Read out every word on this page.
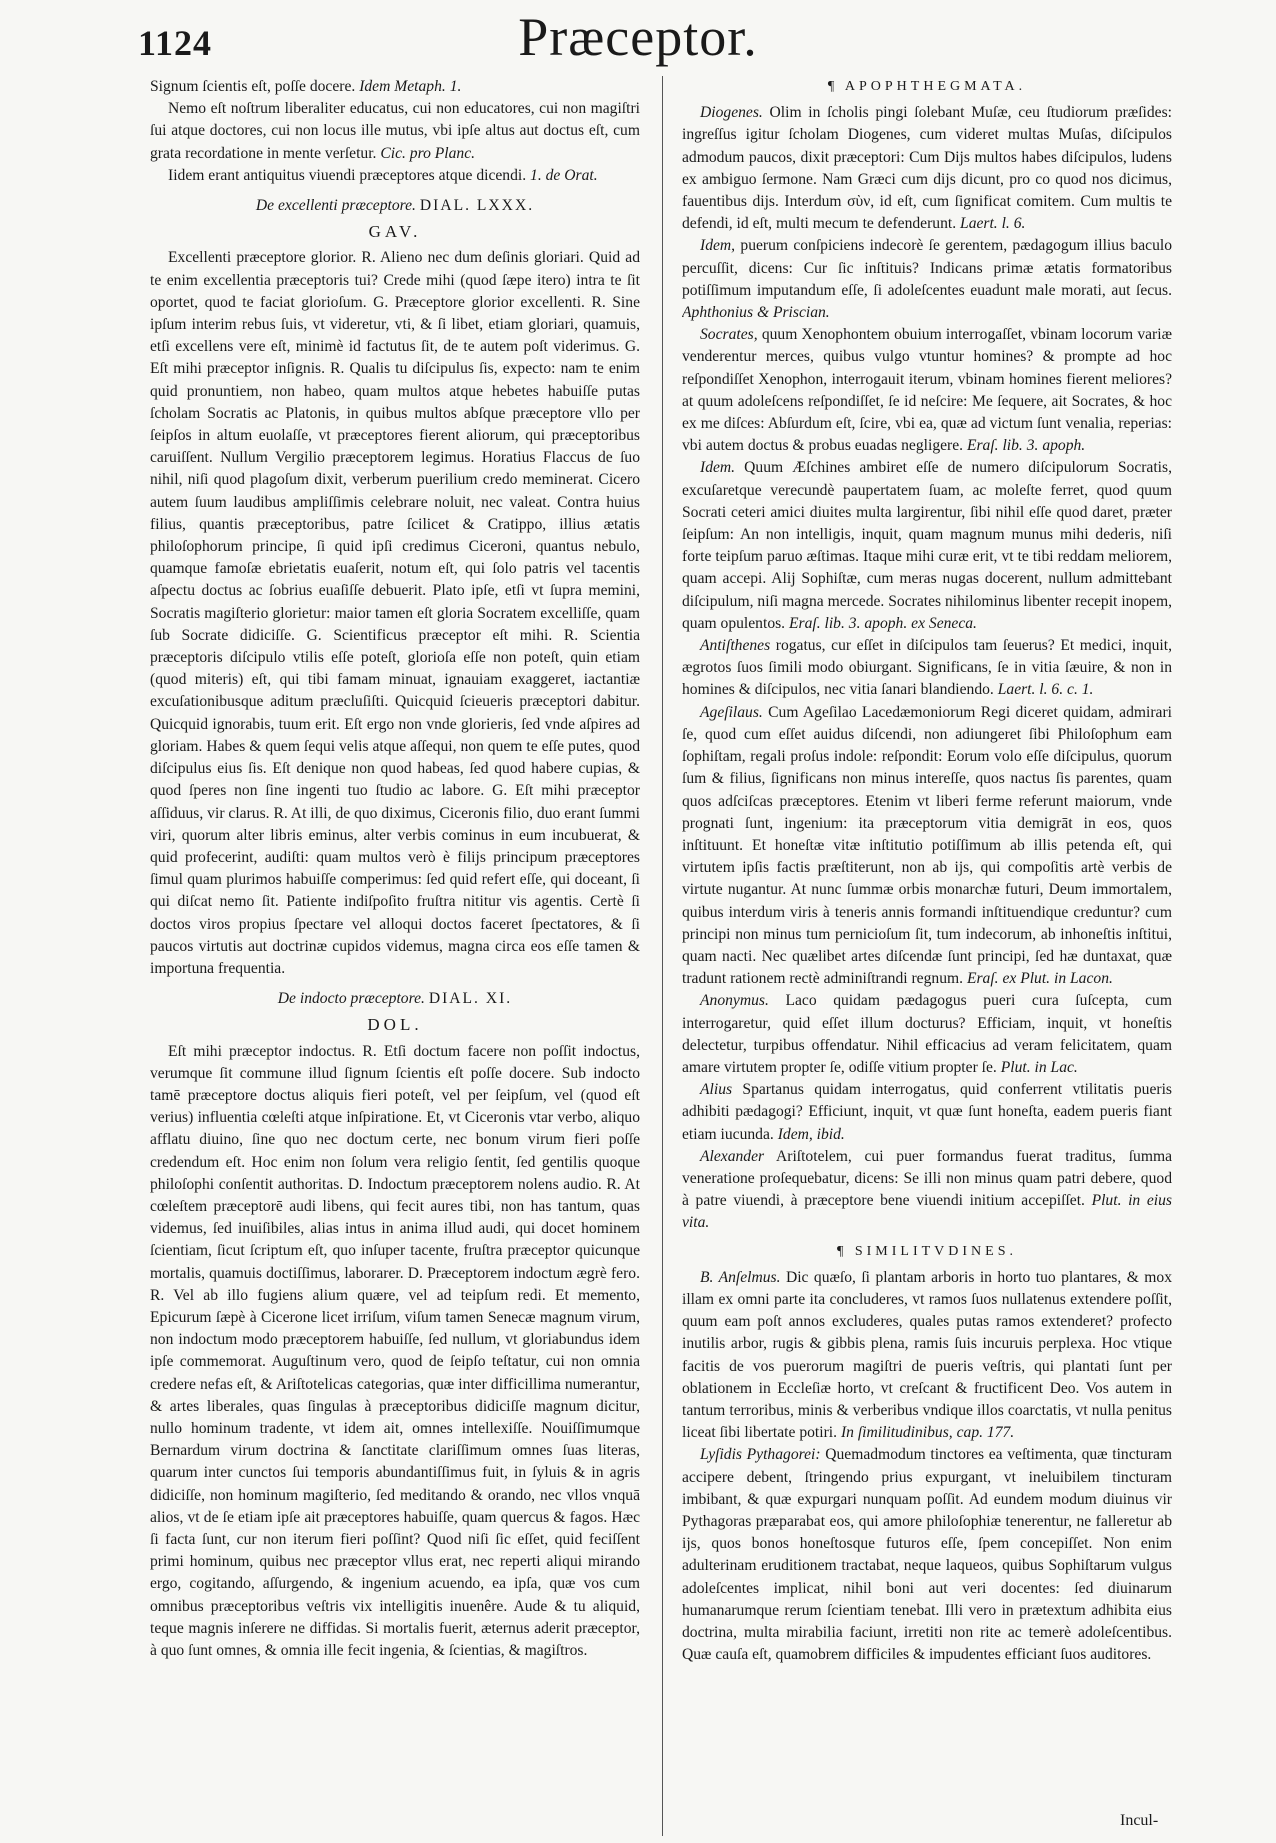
1124	Præceptor.

Signum ſcientis eſt, poſſe docere. Idem Metaph. 1.

Nemo eſt noſtrum liberaliter educatus, cui non educatores, cui non magiſtri ſui atque doctores, cui non locus ille mutus, vbi ipſe altus aut doctus eſt, cum grata recordatione in mente verſetur. Cic. pro Planc.

Iidem erant antiquitus viuendi præceptores atque dicendi. 1. de Orat.

De excellenti præceptore. DIAL. LXXX.
GAV.

Excellenti præceptore glorior. R. Alieno nec dum deſinis gloriari. Quid ad te enim excellentia præceptoris tui? Crede mihi (quod ſæpe itero) intra te ſit oportet, quod te faciat glorioſum. G. Præceptore glorior excellenti. R. Sine ipſum interim rebus ſuis, vt videretur, vti, & ſi libet, etiam gloriari, quamuis, etſi excellens vere eſt, minimè id factutus ſit, de te autem poſt viderimus. G. Eſt mihi præceptor inſignis. R. Qualis tu diſcipulus ſis, expecto: nam te enim quid pronuntiem, non habeo, quam multos atque hebetes habuiſſe putas ſcholam Socratis ac Platonis, in quibus multos abſque præceptore vllo per ſeipſos in altum euolaſſe, vt præceptores fierent aliorum, qui præceptoribus caruiſſent. Nullum Vergilio præceptorem legimus. Horatius Flaccus de ſuo nihil, niſi quod plagoſum dixit, verberum puerilium credo meminerat. Cicero autem ſuum laudibus ampliſſimis celebrare noluit, nec valeat. Contra huius filius, quantis præceptoribus, patre ſcilicet & Cratippo, illius ætatis philoſophorum principe, ſi quid ipſi credimus Ciceroni, quantus nebulo, quamque famoſæ ebrietatis euaſerit, notum eſt, qui ſolo patris vel tacentis aſpectu doctus ac ſobrius euaſiſſe debuerit. Plato ipſe, etſi vt ſupra memini, Socratis magiſterio glorietur: maior tamen eſt gloria Socratem excelliſſe, quam ſub Socrate didiciſſe. G. Scientificus præceptor eſt mihi. R. Scientia præceptoris diſcipulo vtilis eſſe poteſt, glorioſa eſſe non poteſt, quin etiam (quod miteris) eſt, qui tibi famam minuat, ignauiam exaggeret, iactantiæ excuſationibusque aditum præcluſiſti. Quicquid ſcieueris præceptori dabitur. Quicquid ignorabis, tuum erit. Eſt ergo non vnde glorieris, ſed vnde aſpires ad gloriam. Habes & quem ſequi velis atque aſſequi, non quem te eſſe putes, quod diſcipulus eius ſis. Eſt denique non quod habeas, ſed quod habere cupias, & quod ſperes non ſine ingenti tuo ſtudio ac labore. G. Eſt mihi præceptor aſſiduus, vir clarus. R. At illi, de quo diximus, Ciceronis filio, duo erant ſummi viri, quorum alter libris eminus, alter verbis cominus in eum incubuerat, & quid profecerint, audiſti: quam multos verò è filijs principum præceptores ſimul quam plurimos habuiſſe comperimus: ſed quid refert eſſe, qui doceant, ſi qui diſcat nemo ſit. Patiente indiſpoſito fruſtra nititur vis agentis. Certè ſi doctos viros propius ſpectare vel alloqui doctos faceret ſpectatores, & ſi paucos virtutis aut doctrinæ cupidos videmus, magna circa eos eſſe tamen & importuna frequentia.

De indocto præceptore. DIAL. XI.
DOL.

Eſt mihi præceptor indoctus. R. Etſi doctum facere non poſſit indoctus, verumque ſit commune illud ſignum ſcientis eſt poſſe docere. Sub indocto tamē præceptore doctus aliquis fieri poteſt, vel per ſeipſum, vel (quod eſt verius) influentia cœleſti atque inſpiratione. Et, vt Ciceronis vtar verbo, aliquo afflatu diuino, ſine quo nec doctum certe, nec bonum virum fieri poſſe credendum eſt. Hoc enim non ſolum vera religio ſentit, ſed gentilis quoque philoſophi conſentit authoritas. D. Indoctum præceptorem nolens audio. R. At cœleſtem præceptorē audi libens, qui fecit aures tibi, non has tantum, quas videmus, ſed inuiſibiles, alias intus in anima illud audi, qui docet hominem ſcientiam, ſicut ſcriptum eſt, quo inſuper tacente, fruſtra præceptor quicunque mortalis, quamuis doctiſſimus, laborarer. D. Præceptorem indoctum ægrè fero. R. Vel ab illo fugiens alium quære, vel ad teipſum redi. Et memento, Epicurum ſæpè à Cicerone licet irriſum, viſum tamen Senecæ magnum virum, non indoctum modo præceptorem habuiſſe, ſed nullum, vt gloriabundus idem ipſe commemorat. Auguſtinum vero, quod de ſeipſo teſtatur, cui non omnia credere nefas eſt, & Ariſtotelicas categorias, quæ inter difficillima numerantur, & artes liberales, quas ſingulas à præceptoribus didiciſſe magnum dicitur, nullo hominum tradente, vt idem ait, omnes intellexiſſe. Nouiſſimumque Bernardum virum doctrina & ſanctitate clariſſimum omnes ſuas literas, quarum inter cunctos ſui temporis abundantiſſimus fuit, in ſyluis & in agris didiciſſe, non hominum magiſterio, ſed meditando & orando, nec vllos vnquā alios, vt de ſe etiam ipſe ait præceptores habuiſſe, quam quercus & fagos. Hæc ſi facta ſunt, cur non iterum fieri poſſint? Quod niſi ſic eſſet, quid feciſſent primi hominum, quibus nec præceptor vllus erat, nec reperti aliqui mirando ergo, cogitando, aſſurgendo, & ingenium acuendo, ea ipſa, quæ vos cum omnibus præceptoribus veſtris vix intelligitis inuenêre. Aude & tu aliquid, teque magnis inſerere ne diffidas. Si mortalis fuerit, æternus aderit præceptor, à quo ſunt omnes, & omnia ille fecit ingenia, & ſcientias, & magiſtros.

¶ APOPHTHEGMATA.

Diogenes. Olim in ſcholis pingi ſolebant Muſæ, ceu ſtudiorum præſides: ingreſſus igitur ſcholam Diogenes, cum videret multas Muſas, diſcipulos admodum paucos, dixit præceptori: Cum Dijs multos habes diſcipulos, ludens ex ambiguo ſermone. Nam Græci cum dijs dicunt, pro co quod nos dicimus, fauentibus dijs. Interdum σὺν, id eſt, cum ſignificat comitem. Cum multis te defendi, id eſt, multi mecum te defenderunt. Laert. l. 6.

Idem, puerum conſpiciens indecorè ſe gerentem, pædagogum illius baculo percuſſit, dicens: Cur ſic inſtituis? Indicans primæ ætatis formatoribus potiſſimum imputandum eſſe, ſi adoleſcentes euadunt male morati, aut ſecus. Aphthonius & Priscian.

Socrates, quum Xenophontem obuium interrogaſſet, vbinam locorum variæ venderentur merces, quibus vulgo vtuntur homines? & prompte ad hoc reſpondiſſet Xenophon, interrogauit iterum, vbinam homines fierent meliores? at quum adoleſcens reſpondiſſet, ſe id neſcire: Me ſequere, ait Socrates, & hoc ex me diſces: Abſurdum eſt, ſcire, vbi ea, quæ ad victum ſunt venalia, reperias: vbi autem doctus & probus euadas negligere. Eraſ. lib. 3. apoph.

Idem. Quum Æſchines ambiret eſſe de numero diſcipulorum Socratis, excuſaretque verecundè paupertatem ſuam, ac moleſte ferret, quod quum Socrati ceteri amici diuites multa largirentur, ſibi nihil eſſe quod daret, præter ſeipſum: An non intelligis, inquit, quam magnum munus mihi dederis, niſi forte teipſum paruo æſtimas. Itaque mihi curæ erit, vt te tibi reddam meliorem, quam accepi. Alij Sophiſtæ, cum meras nugas docerent, nullum admittebant diſcipulum, niſi magna mercede. Socrates nihilominus libenter recepit inopem, quam opulentos. Eraſ. lib. 3. apoph. ex Seneca.

Antiſthenes rogatus, cur eſſet in diſcipulos tam ſeuerus? Et medici, inquit, ægrotos ſuos ſimili modo obiurgant. Significans, ſe in vitia ſæuire, & non in homines & diſcipulos, nec vitia ſanari blandiendo. Laert. l. 6. c. 1.

Ageſilaus. Cum Ageſilao Lacedæmoniorum Regi diceret quidam, admirari ſe, quod cum eſſet auidus diſcendi, non adiungeret ſibi Philoſophum eam ſophiſtam, regali proſus indole: reſpondit: Eorum volo eſſe diſcipulus, quorum ſum & filius, ſignificans non minus intereſſe, quos nactus ſis parentes, quam quos adſciſcas præceptores. Etenim vt liberi ferme referunt maiorum, vnde prognati ſunt, ingenium: ita præceptorum vitia demigrāt in eos, quos inſtituunt. Et honeſtæ vitæ inſtitutio potiſſimum ab illis petenda eſt, qui virtutem ipſis factis præſtiterunt, non ab ijs, qui compoſitis artè verbis de virtute nugantur. At nunc ſummæ orbis monarchæ futuri, Deum immortalem, quibus interdum viris à teneris annis formandi inſtituendique creduntur? cum principi non minus tum pernicioſum ſit, tum indecorum, ab inhoneſtis inſtitui, quam nacti. Nec quælibet artes diſcendæ ſunt principi, ſed hæ duntaxat, quæ tradunt rationem rectè adminiſtrandi regnum. Eraſ. ex Plut. in Lacon.

Anonymus. Laco quidam pædagogus pueri cura ſuſcepta, cum interrogaretur, quid eſſet illum docturus? Efficiam, inquit, vt honeſtis delectetur, turpibus offendatur. Nihil efficacius ad veram felicitatem, quam amare virtutem propter ſe, odiſſe vitium propter ſe. Plut. in Lac.

Alius Spartanus quidam interrogatus, quid conferrent vtilitatis pueris adhibiti pædagogi? Efficiunt, inquit, vt quæ ſunt honeſta, eadem pueris fiant etiam iucunda. Idem, ibid.

Alexander Ariſtotelem, cui puer formandus fuerat traditus, ſumma veneratione proſequebatur, dicens: Se illi non minus quam patri debere, quod à patre viuendi, à præceptore bene viuendi initium accepiſſet. Plut. in eius vita.

¶ SIMILITVDINES.

B. Anſelmus. Dic quæſo, ſi plantam arboris in horto tuo plantares, & mox illam ex omni parte ita concluderes, vt ramos ſuos nullatenus extendere poſſit, quum eam poſt annos excluderes, quales putas ramos extenderet? profecto inutilis arbor, rugis & gibbis plena, ramis ſuis incuruis perplexa. Hoc vtique facitis de vos puerorum magiſtri de pueris veſtris, qui plantati ſunt per oblationem in Eccleſiæ horto, vt creſcant & fructificent Deo. Vos autem in tantum terroribus, minis & verberibus vndique illos coarctatis, vt nulla penitus liceat ſibi libertate potiri. In ſimilitudinibus, cap. 177.

Lyſidis Pythagorei: Quemadmodum tinctores ea veſtimenta, quæ tincturam accipere debent, ſtringendo prius expurgant, vt ineluibilem tincturam imbibant, & quæ expurgari nunquam poſſit. Ad eundem modum diuinus vir Pythagoras præparabat eos, qui amore philoſophiæ tenerentur, ne falleretur ab ijs, quos bonos honeſtosque futuros eſſe, ſpem concepiſſet. Non enim adulterinam eruditionem tractabat, neque laqueos, quibus Sophiſtarum vulgus adoleſcentes implicat, nihil boni aut veri docentes: ſed diuinarum humanarumque rerum ſcientiam tenebat. Illi vero in prætextum adhibita eius doctrina, multa mirabilia faciunt, irretiti non rite ac temerè adoleſcentibus. Quæ cauſa eſt, quamobrem difficiles & impudentes efficiant ſuos auditores.

Incul-
